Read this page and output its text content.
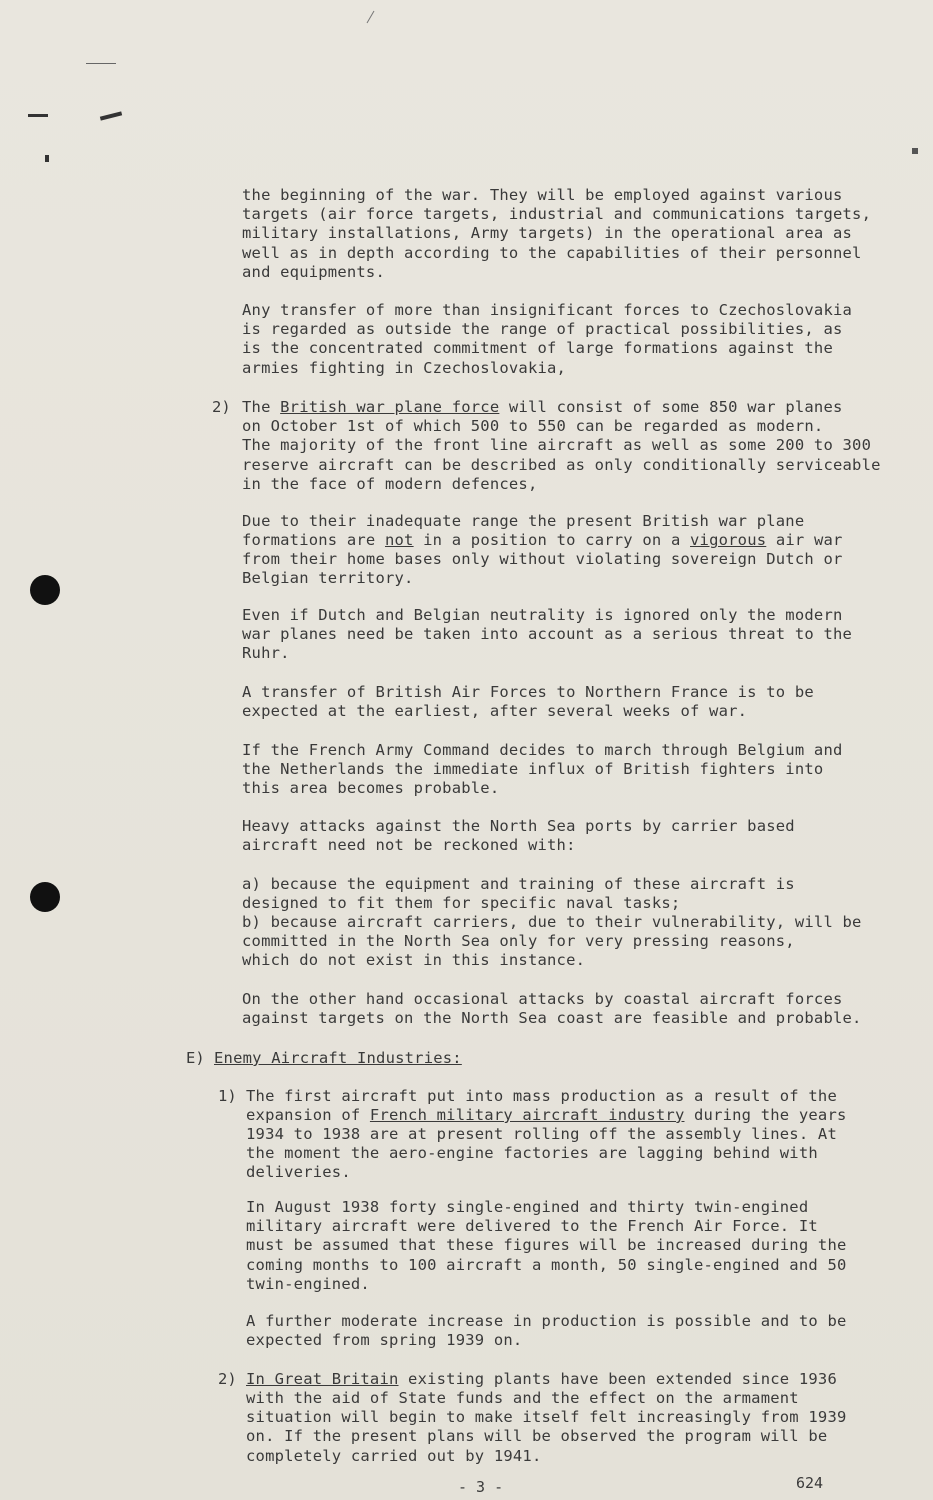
the beginning of the war. They will be employed against various
targets (air force targets, industrial and communications targets,
military installations, Army targets) in the operational area as
well as in depth according to the capabilities of their personnel
and equipments.
Any transfer of more than insignificant forces to Czechoslovakia
is regarded as outside the range of practical possibilities, as
is the concentrated commitment of large formations against the
armies fighting in Czechoslovakia,
2) The British war plane force will consist of some 850 war planes
on October 1st of which 500 to 550 can be regarded as modern.
The majority of the front line aircraft as well as some 200 to 300
reserve aircraft can be described as only conditionally serviceable
in the face of modern defences,
Due to their inadequate range the present British war plane
formations are not in a position to carry on a vigorous air war
from their home bases only without violating sovereign Dutch or
Belgian territory.
Even if Dutch and Belgian neutrality is ignored only the modern
war planes need be taken into account as a serious threat to the
Ruhr.
A transfer of British Air Forces to Northern France is to be
expected at the earliest, after several weeks of war.
If the French Army Command decides to march through Belgium and
the Netherlands the immediate influx of British fighters into
this area becomes probable.
Heavy attacks against the North Sea ports by carrier based
aircraft need not be reckoned with:
a) because the equipment and training of these aircraft is
designed to fit them for specific naval tasks;
b) because aircraft carriers, due to their vulnerability, will be
committed in the North Sea only for very pressing reasons,
which do not exist in this instance.
On the other hand occasional attacks by coastal aircraft forces
against targets on the North Sea coast are feasible and probable.
E) Enemy Aircraft Industries:
1) The first aircraft put into mass production as a result of the
expansion of French military aircraft industry during the years
1934 to 1938 are at present rolling off the assembly lines. At
the moment the aero-engine factories are lagging behind with
deliveries.
In August 1938 forty single-engined and thirty twin-engined
military aircraft were delivered to the French Air Force. It
must be assumed that these figures will be increased during the
coming months to 100 aircraft a month, 50 single-engined and 50
twin-engined.
A further moderate increase in production is possible and to be
expected from spring 1939 on.
2) In Great Britain existing plants have been extended since 1936
with the aid of State funds and the effect on the armament
situation will begin to make itself felt increasingly from 1939
on. If the present plans will be observed the program will be
completely carried out by 1941.
- 3 -	624
